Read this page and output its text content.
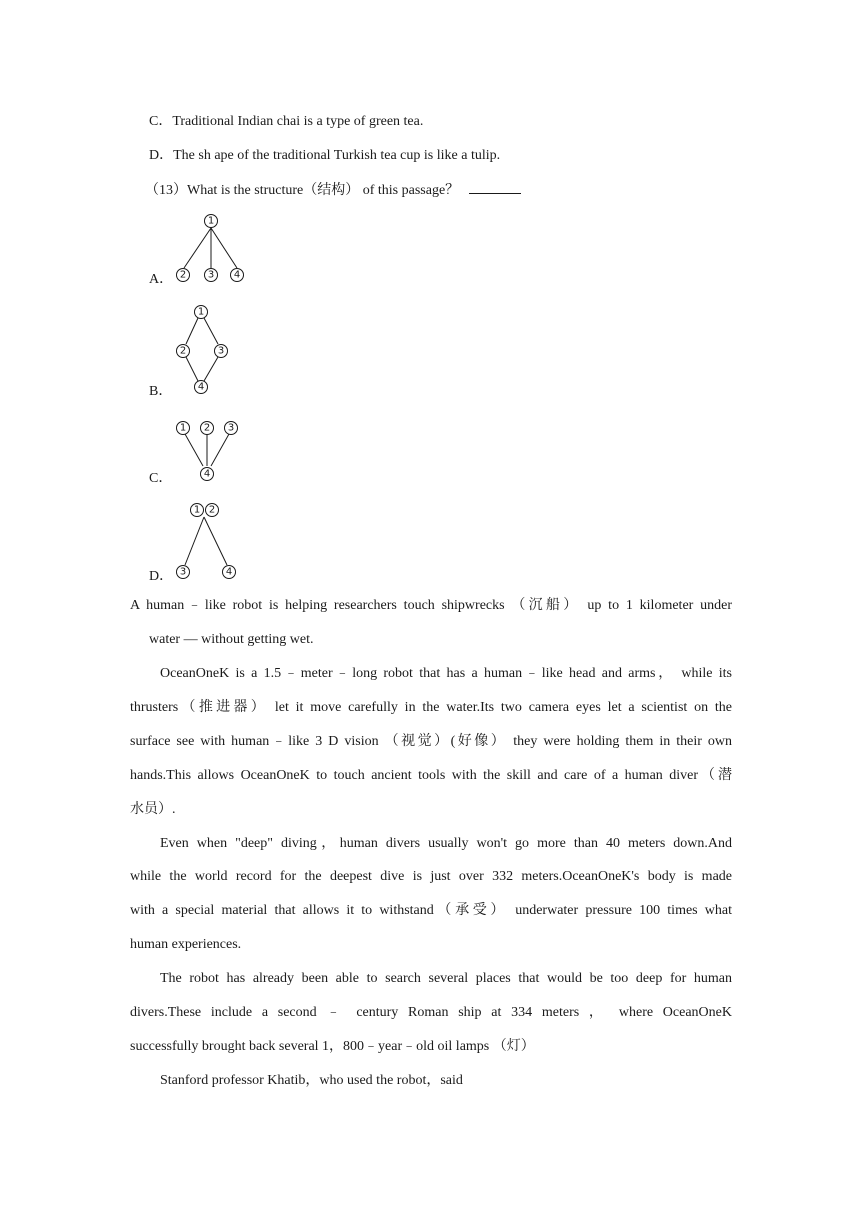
C．Traditional Indian chai is a type of green tea.
D．The sh ape of the traditional Turkish tea cup is like a tulip.
（13）What is the structure（结构） of this passage？
A．
1
2 3 4
B．
1
2	3
4
C．
1 2 3
4
D．
1 2
3	4
A human﹣like robot is helping researchers touch shipwrecks （沉船） up to 1 kilometer under
water — without getting wet.
OceanOneK is a 1.5﹣meter﹣long robot that has a human﹣like head and arms， while its
thrusters（推进器） let it move carefully in the water.Its two camera eyes let a scientist on the
surface see with human﹣like 3 D vision （视觉）(好像） they were holding them in their own
hands.This allows OceanOneK to touch ancient tools with the skill and care of a human diver（潜
水员）.
Even when "deep" diving，human divers usually won't go more than 40 meters down.And
while the world record for the deepest dive is just over 332 meters.OceanOneK's body is made
with a special material that allows it to withstand（承受） underwater pressure 100 times what
human experiences.
The robot has already been able to search several places that would be too deep for human
divers.These include a second ﹣ century Roman ship at 334 meters ， where OceanOneK
successfully brought back several 1，800﹣year﹣old oil lamps （灯）
Stanford professor Khatib，who used the robot，said
